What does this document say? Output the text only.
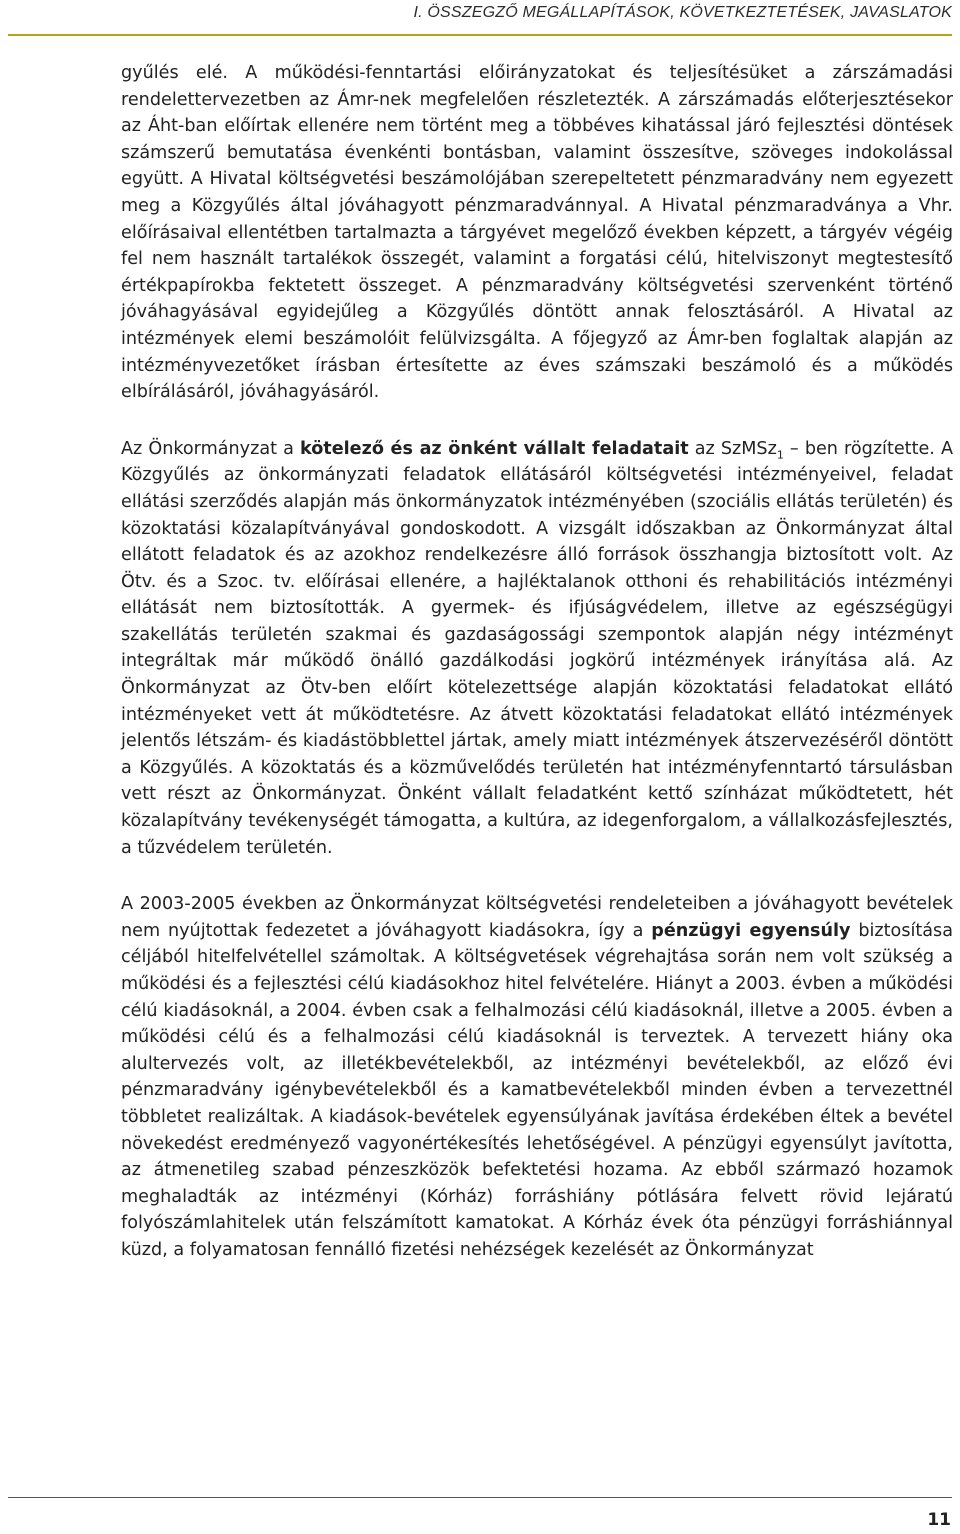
I. ÖSSZEGZŐ MEGÁLLAPÍTÁSOK, KÖVETKEZTETÉSEK, JAVASLATOK

gyűlés elé. A működési-fenntartási előirányzatokat és teljesítésüket a zárszámadási rendelettervezetben az Ámr-nek megfelelően részletezték. A zárszámadás előterjesztésekor az Áht-ban előírtak ellenére nem történt meg a többéves kihatással járó fejlesztési döntések számszerű bemutatása évenkénti bontásban, valamint összesítve, szöveges indokolással együtt. A Hivatal költségvetési beszámolójában szerepeltetett pénzmaradvány nem egyezett meg a Közgyűlés által jóváhagyott pénzmaradvánnyal. A Hivatal pénzmaradványa a Vhr. előírásaival ellentétben tartalmazta a tárgyévet megelőző években képzett, a tárgyév végéig fel nem használt tartalékok összegét, valamint a forgatási célú, hitelviszonyt megtestesítő értékpapírokba fektetett összeget. A pénzmaradvány költségvetési szervenként történő jóváhagyásával egyidejűleg a Közgyűlés döntött annak felosztásáról. A Hivatal az intézmények elemi beszámolóit felülvizsgálta. A főjegyző az Ámr-ben foglaltak alapján az intézményvezetőket írásban értesítette az éves számszaki beszámoló és a működés elbírálásáról, jóváhagyásáról.

Az Önkormányzat a kötelező és az önként vállalt feladatait az SzMSz$_1$ – ben rögzítette. A Közgyűlés az önkormányzati feladatok ellátásáról költségvetési intézményeivel, feladat ellátási szerződés alapján más önkormányzatok intézményében (szociális ellátás területén) és közoktatási közalapítványával gondoskodott. A vizsgált időszakban az Önkormányzat által ellátott feladatok és az azokhoz rendelkezésre álló források összhangja biztosított volt. Az Ötv. és a Szoc. tv. előírásai ellenére, a hajléktalanok otthoni és rehabilitációs intézményi ellátását nem biztosították. A gyermek- és ifjúságvédelem, illetve az egészségügyi szakellátás területén szakmai és gazdaságossági szempontok alapján négy intézményt integráltak már működő önálló gazdálkodási jogkörű intézmények irányítása alá. Az Önkormányzat az Ötv-ben előírt kötelezettsége alapján közoktatási feladatokat ellátó intézményeket vett át működtetésre. Az átvett közoktatási feladatokat ellátó intézmények jelentős létszám- és kiadástöbblettel jártak, amely miatt intézmények átszervezéséről döntött a Közgyűlés. A közoktatás és a közművelődés területén hat intézményfenntartó társulásban vett részt az Önkormányzat. Önként vállalt feladatként kettő színházat működtetett, hét közalapítvány tevékenységét támogatta, a kultúra, az idegenforgalom, a vállalkozásfejlesztés, a tűzvédelem területén.

A 2003-2005 években az Önkormányzat költségvetési rendeleteiben a jóváhagyott bevételek nem nyújtottak fedezetet a jóváhagyott kiadásokra, így a pénzügyi egyensúly biztosítása céljából hitelfelvétellel számoltak. A költségvetések végrehajtása során nem volt szükség a működési és a fejlesztési célú kiadásokhoz hitel felvételére. Hiányt a 2003. évben a működési célú kiadásoknál, a 2004. évben csak a felhalmozási célú kiadásoknál, illetve a 2005. évben a működési célú és a felhalmozási célú kiadásoknál is terveztek. A tervezett hiány oka alultervezés volt, az illetékbevételekből, az intézményi bevételekből, az előző évi pénzmaradvány igénybevételekből és a kamatbevételekből minden évben a tervezettnél többletet realizáltak. A kiadások-bevételek egyensúlyának javítása érdekében éltek a bevétel növekedést eredményező vagyonértékesítés lehetőségével. A pénzügyi egyensúlyt javította, az átmenetileg szabad pénzeszközök befektetési hozama. Az ebből származó hozamok meghaladták az intézményi (Kórház) forráshiány pótlására felvett rövid lejáratú folyószámlahitelek után felszámított kamatokat. A Kórház évek óta pénzügyi forráshiánnyal küzd, a folyamatosan fennálló fizetési nehézségek kezelését az Önkormányzat

11
